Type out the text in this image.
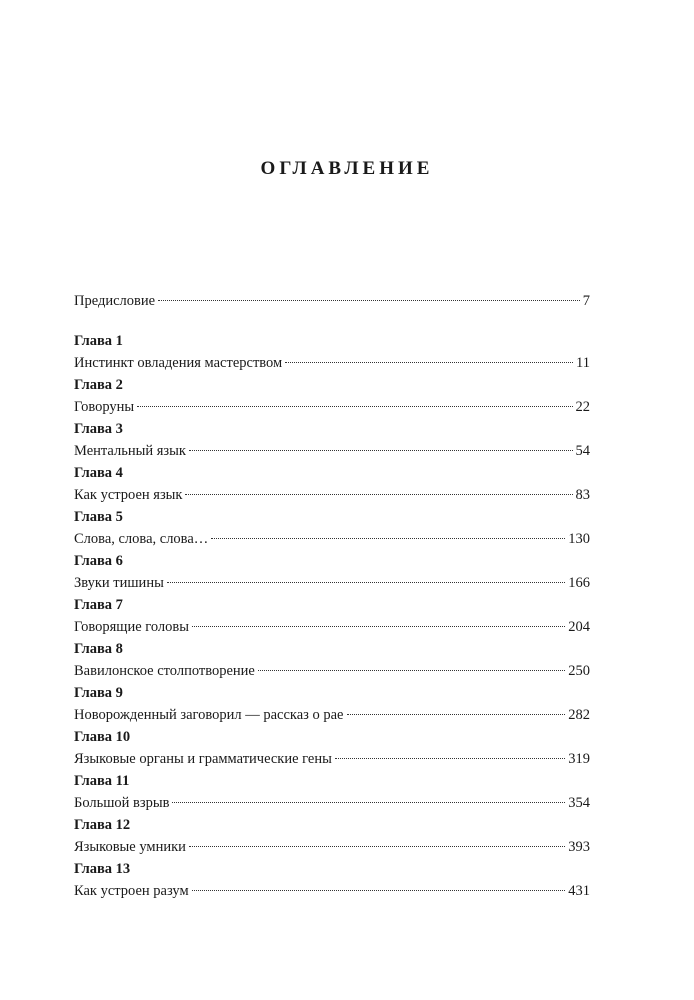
ОГЛАВЛЕНИЕ
Предисловие	7
Глава 1
Инстинкт овладения мастерством	11
Глава 2
Говоруны	22
Глава 3
Ментальный язык	54
Глава 4
Как устроен язык	83
Глава 5
Слова, слова, слова…	130
Глава 6
Звуки тишины	166
Глава 7
Говорящие головы	204
Глава 8
Вавилонское столпотворение	250
Глава 9
Новорожденный заговорил — рассказ о рае	282
Глава 10
Языковые органы и грамматические гены	319
Глава 11
Большой взрыв	354
Глава 12
Языковые умники	393
Глава 13
Как устроен разум	431
